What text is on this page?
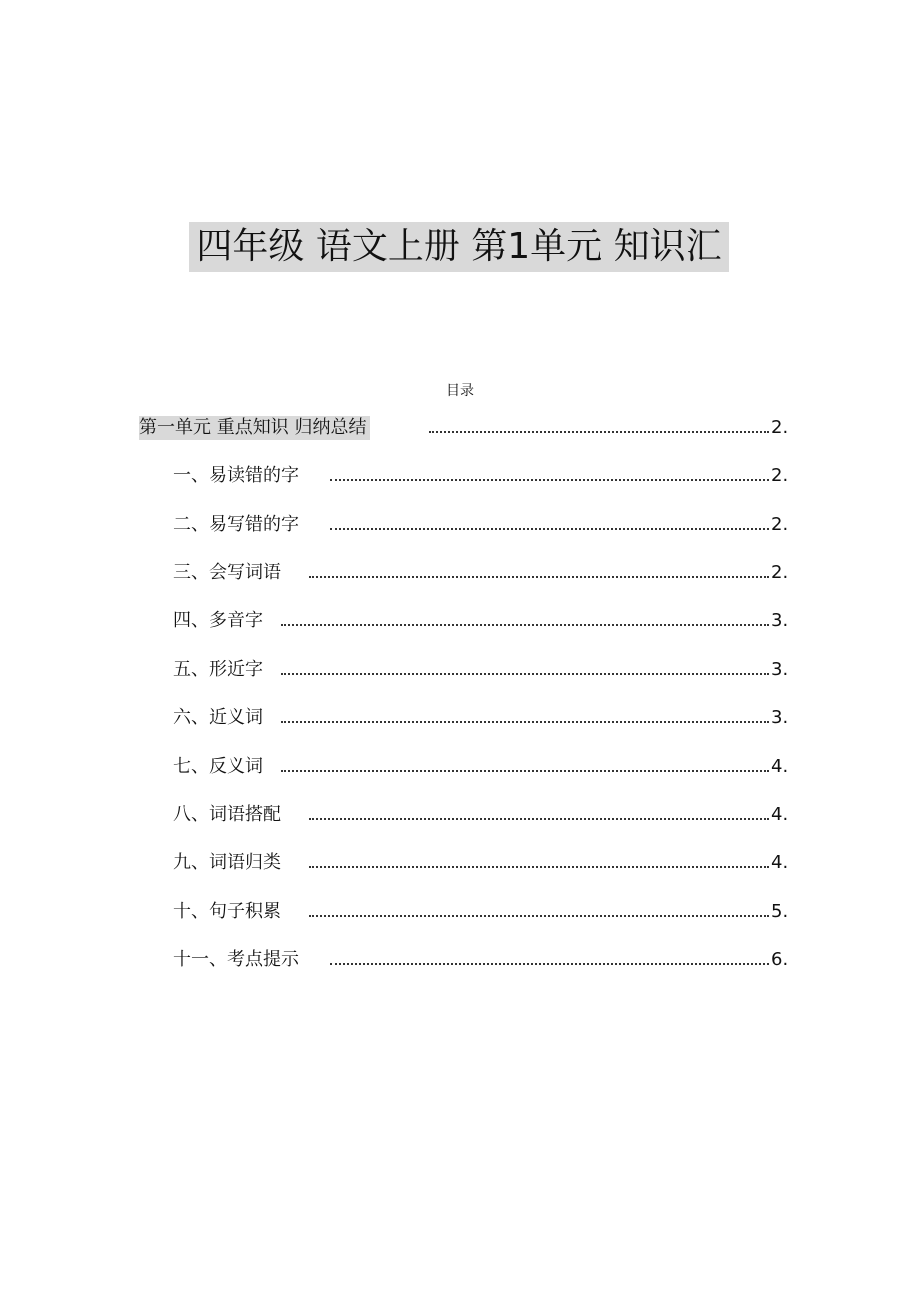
四年级 语文上册 第1单元 知识汇
目录
第一单元 重点知识 归纳总结	2.
一、易读错的字	2.
二、易写错的字	2.
三、会写词语	2.
四、多音字	3.
五、形近字	3.
六、近义词	3.
七、反义词	4.
八、词语搭配	4.
九、词语归类	4.
十、句子积累	5.
十一、考点提示	6.
